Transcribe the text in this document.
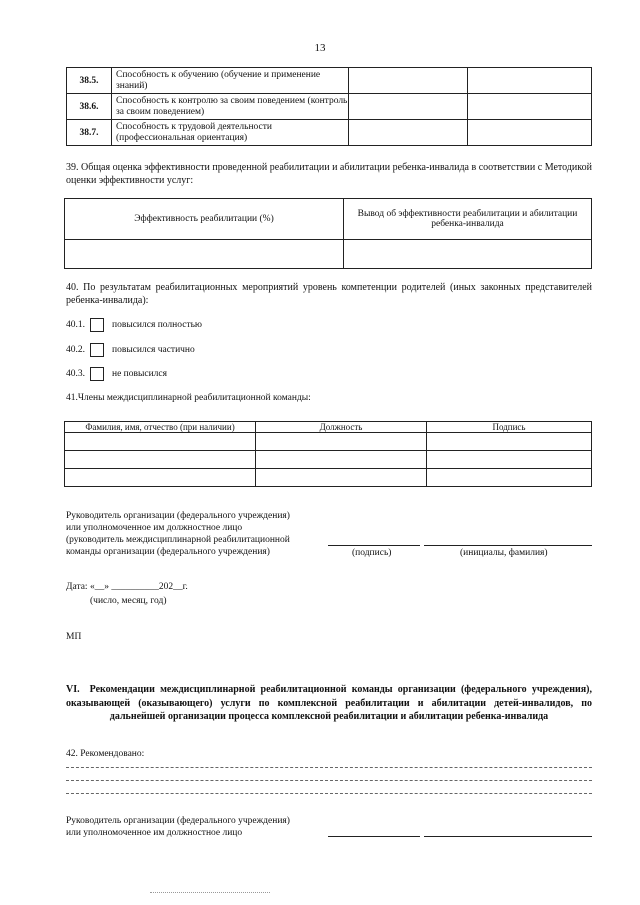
13
38.5.	Способность к обучению (обучение и применение знаний)		
38.6.	Способность к контролю за своим поведением (контроль за своим поведением)		
38.7.	Способность к трудовой деятельности (профессиональная ориентация)		
39. Общая оценка эффективности проведенной реабилитации и абилитации ребенка-инвалида в соответствии с Методикой оценки эффективности услуг:
Эффективность реабилитации (%)	Вывод об эффективности реабилитации и абилитации ребенка-инвалида

40. По результатам реабилитационных мероприятий уровень компетенции родителей (иных законных представителей ребенка-инвалида):
40.1.	повысился полностью
40.2.	повысился частично
40.3.	не повысился
41.Члены междисциплинарной реабилитационной команды:
Фамилия, имя, отчество (при наличии)	Должность	Подпись

Руководитель организации (федерального учреждения)
или уполномоченное им должностное лицо
(руководитель междисциплинарной реабилитационной
команды организации (федерального учреждения)	(подпись)	(инициалы, фамилия)
Дата: «__» __________202__г.
(число, месяц, год)
МП
VI. Рекомендации междисциплинарной реабилитационной команды организации (федерального учреждения), оказывающей (оказывающего) услуги по комплексной реабилитации и абилитации детей-инвалидов, по дальнейшей организации процесса комплексной реабилитации и абилитации ребенка-инвалида
42. Рекомендовано:
Руководитель организации (федерального учреждения)
или уполномоченное им должностное лицо
